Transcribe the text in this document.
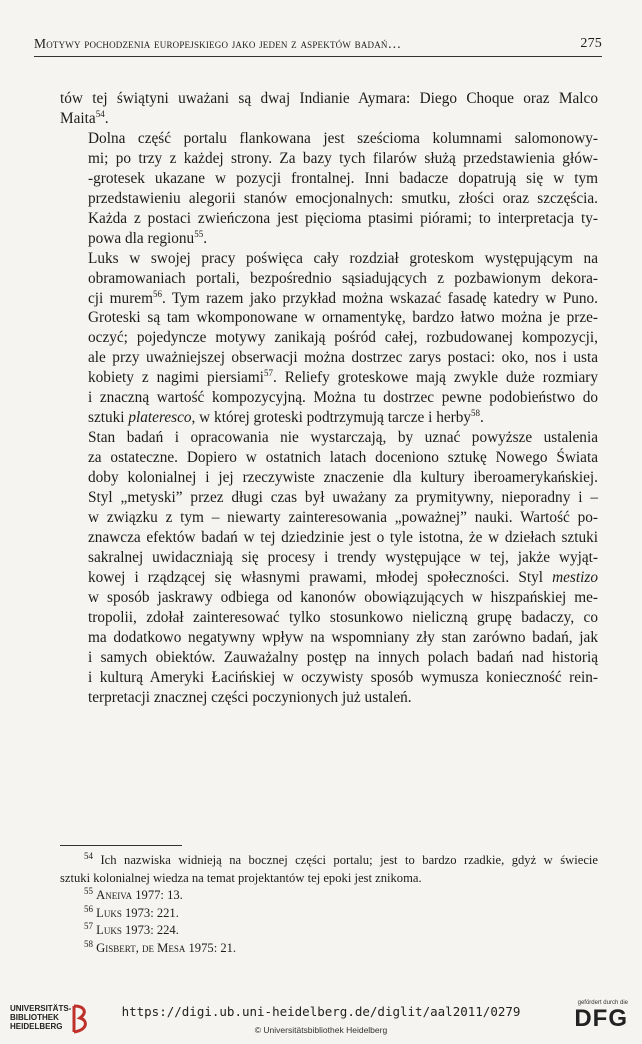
Motywy pochodzenia europejskiego jako jeden z aspektów badań…	275

tów tej świątyni uważani są dwaj Indianie Aymara: Diego Choque oraz Malco
Maita$^{54}$.

Dolna część portalu flankowana jest sześcioma kolumnami salomonowy-
mi; po trzy z każdej strony. Za bazy tych filarów służą przedstawienia głów-
-grotesek ukazane w pozycji frontalnej. Inni badacze dopatrują się w tym
przedstawieniu alegorii stanów emocjonalnych: smutku, złości oraz szczęścia.
Każda z postaci zwieńczona jest pięcioma ptasimi piórami; to interpretacja ty-
powa dla regionu$^{55}$.

Luks w swojej pracy poświęca cały rozdział groteskom występującym na
obramowaniach portali, bezpośrednio sąsiadujących z pozbawionym dekora-
cji murem$^{56}$. Tym razem jako przykład można wskazać fasadę katedry w Puno.
Groteski są tam wkomponowane w ornamentykę, bardzo łatwo można je prze-
oczyć; pojedyncze motywy zanikają pośród całej, rozbudowanej kompozycji,
ale przy uważniejszej obserwacji można dostrzec zarys postaci: oko, nos i usta
kobiety z nagimi piersiami$^{57}$. Reliefy groteskowe mają zwykle duże rozmiary
i znaczną wartość kompozycyjną. Można tu dostrzec pewne podobieństwo do
sztuki plateresco, w której groteski podtrzymują tarcze i herby$^{58}$.

Stan badań i opracowania nie wystarczają, by uznać powyższe ustalenia
za ostateczne. Dopiero w ostatnich latach doceniono sztukę Nowego Świata
doby kolonialnej i jej rzeczywiste znaczenie dla kultury iberoamerykańskiej.
Styl „metyski” przez długi czas był uważany za prymitywny, nieporadny i –
w związku z tym – niewarty zainteresowania „poważnej” nauki. Wartość po-
znawcza efektów badań w tej dziedzinie jest o tyle istotna, że w dziełach sztuki
sakralnej uwidaczniają się procesy i trendy występujące w tej, jakże wyjąt-
kowej i rządzącej się własnymi prawami, młodej społeczności. Styl mestizo
w sposób jaskrawy odbiega od kanonów obowiązujących w hiszpańskiej me-
tropolii, zdołał zainteresować tylko stosunkowo nieliczną grupę badaczy, co
ma dodatkowo negatywny wpływ na wspomniany zły stan zarówno badań, jak
i samych obiektów. Zauważalny postęp na innych polach badań nad historią
i kulturą Ameryki Łacińskiej w oczywisty sposób wymusza konieczność rein-
terpretacji znacznej części poczynionych już ustaleń.

$^{54}$ Ich nazwiska widnieją na bocznej części portalu; jest to bardzo rzadkie, gdyż w świecie
sztuki kolonialnej wiedza na temat projektantów tej epoki jest znikoma.
$^{55}$ Aneiva 1977: 13.
$^{56}$ Luks 1973: 221.
$^{57}$ Luks 1973: 224.
$^{58}$ Gisbert, de Mesa 1975: 21.
UNIVERSITÄTS-
BIBLIOTHEK
HEIDELBERG
https://digi.ub.uni-heidelberg.de/diglit/aal2011/0279
© Universitätsbibliothek Heidelberg
gefördert durch die
DFG
